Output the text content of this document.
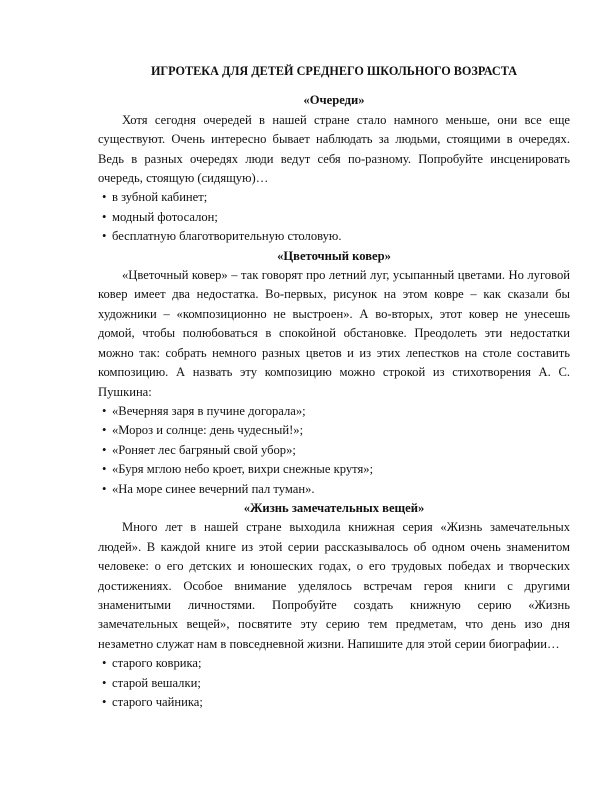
ИГРОТЕКА ДЛЯ ДЕТЕЙ СРЕДНЕГО ШКОЛЬНОГО ВОЗРАСТА
«Очереди»

Хотя сегодня очередей в нашей стране стало намного меньше, они все еще существуют. Очень интересно бывает наблюдать за людьми, стоящими в очередях. Ведь в разных очередях люди ведут себя по-разному. Попробуйте инсценировать очередь, стоящую (сидящую)…

• в зубной кабинет;
• модный фотосалон;
• бесплатную благотворительную столовую.
«Цветочный ковер»

«Цветочный ковер» – так говорят про летний луг, усыпанный цветами. Но луговой ковер имеет два недостатка. Во-первых, рисунок на этом ковре – как сказали бы художники – «композиционно не выстроен». А во-вторых, этот ковер не унесешь домой, чтобы полюбоваться в спокойной обстановке. Преодолеть эти недостатки можно так: собрать немного разных цветов и из этих лепестков на столе составить композицию. А назвать эту композицию можно строкой из стихотворения А. С. Пушкина:

• «Вечерняя заря в пучине догорала»;
• «Мороз и солнце: день чудесный!»;
• «Роняет лес багряный свой убор»;
• «Буря мглою небо кроет, вихри снежные крутя»;
• «На море синее вечерний пал туман».
«Жизнь замечательных вещей»

Много лет в нашей стране выходила книжная серия «Жизнь замечательных людей». В каждой книге из этой серии рассказывалось об одном очень знаменитом человеке: о его детских и юношеских годах, о его трудовых победах и творческих достижениях. Особое внимание уделялось встречам героя книги с другими знаменитыми личностями. Попробуйте создать книжную серию «Жизнь замечательных вещей», посвятите эту серию тем предметам, что день изо дня незаметно служат нам в повседневной жизни. Напишите для этой серии биографии…

• старого коврика;
• старой вешалки;
• старого чайника;
